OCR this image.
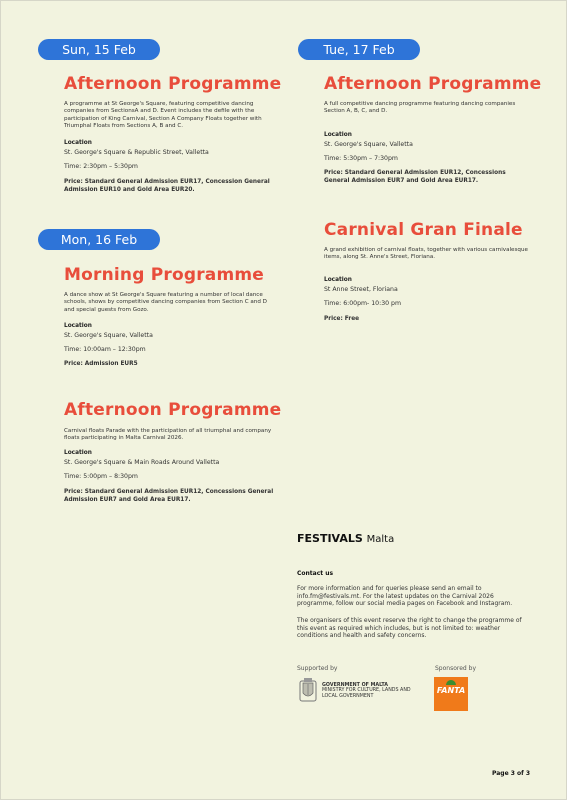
Sun, 15 Feb
Afternoon Programme
A programme at St George's Square, featuring competitive dancing companies from SectionsA and D. Event includes the defile with the participation of King Carnival, Section A Company Floats together with Triumphal Floats from Sections A, B and C.
Location
St. George's Square & Republic Street, Valletta
Time: 2:30pm – 5:30pm
Price: Standard General Admission EUR17, Concession General Admission EUR10 and Gold Area EUR20.
Mon, 16 Feb
Morning Programme
A dance show at St George's Square featuring a number of local dance schools, shows by competitive dancing companies from Section C and D and special guests from Gozo.
Location
St. George's Square, Valletta
Time: 10:00am – 12:30pm
Price: Admission EUR5
Afternoon Programme
Carnival floats Parade with the participation of all triumphal and company floats participating in Malta Carnival 2026.
Location
St. George's Square & Main Roads Around Valletta
Time: 5:00pm – 8:30pm
Price: Standard General Admission EUR12, Concessions General Admission EUR7 and Gold Area EUR17.
Tue, 17 Feb
Afternoon Programme
A full competitive dancing programme featuring dancing companies Section A, B, C, and D.
Location
St. George's Square, Valletta
Time: 5:30pm – 7:30pm
Price: Standard General Admission EUR12, Concessions General Admission EUR7 and Gold Area EUR17.
Carnival Gran Finale
A grand exhibition of carnival floats, together with various carnivalesque items, along St. Anne's Street, Floriana.
Location
St Anne Street, Floriana
Time: 6:00pm- 10:30 pm
Price: Free
FESTIVALS Malta
Contact us
For more information and for queries please send an email to info.fm@festivals.mt. For the latest updates on the Carnival 2026 programme, follow our social media pages on Facebook and Instagram.
The organisers of this event reserve the right to change the programme of this event as required which includes, but is not limited to: weather conditions and health and safety concerns.
Supported by	Sponsored by
GOVERNMENT OF MALTA
MINISTRY FOR CULTURE, LANDS AND LOCAL GOVERNMENT
FANTA
Page 3 of 3
